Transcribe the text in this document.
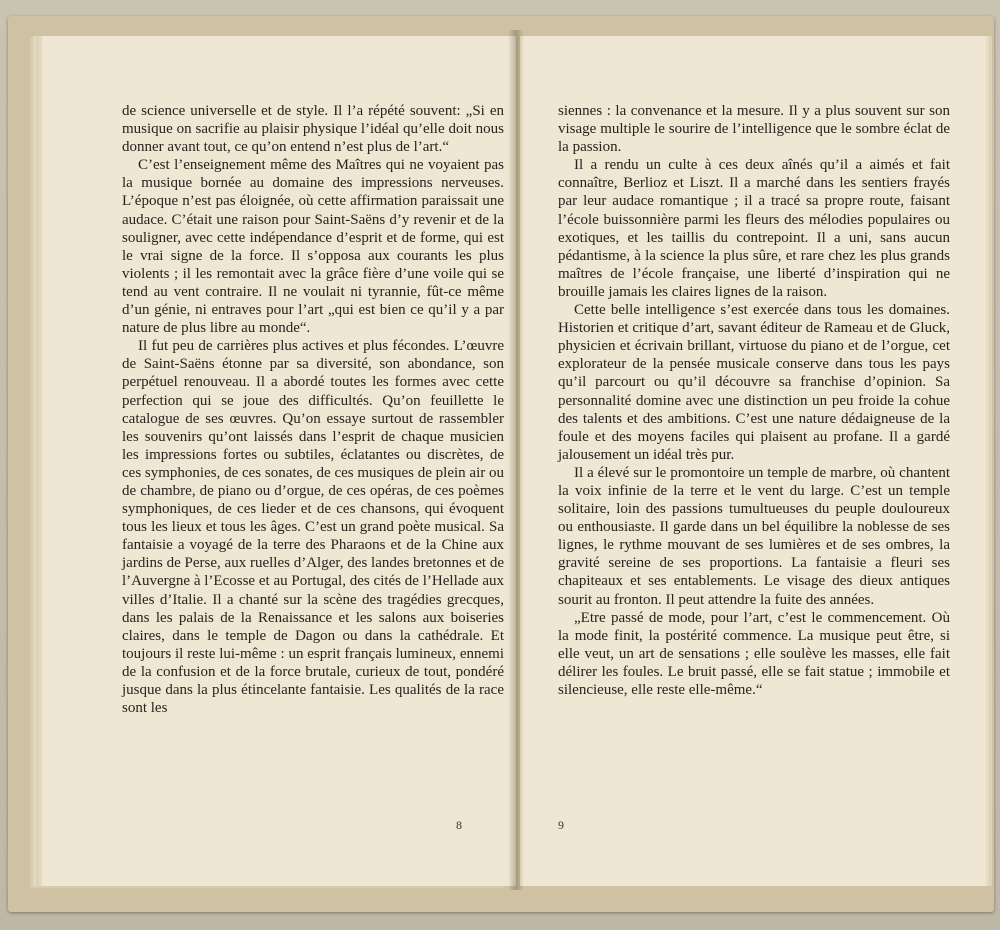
de science universelle et de style. Il l’a répété souvent: „Si en musique on sacrifie au plaisir physique l’idéal qu’elle doit nous donner avant tout, ce qu’on entend n’est plus de l’art.“

C’est l’enseignement même des Maîtres qui ne voyaient pas la musique bornée au domaine des impressions nerveuses. L’époque n’est pas éloignée, où cette affirmation paraissait une audace. C’était une raison pour Saint-Saëns d’y revenir et de la souligner, avec cette indépendance d’esprit et de forme, qui est le vrai signe de la force. Il s’opposa aux courants les plus violents ; il les remontait avec la grâce fière d’une voile qui se tend au vent contraire. Il ne voulait ni tyrannie, fût-ce même d’un génie, ni entraves pour l’art „qui est bien ce qu’il y a par nature de plus libre au monde“.

Il fut peu de carrières plus actives et plus fécondes. L’œuvre de Saint-Saëns étonne par sa diversité, son abondance, son perpétuel renouveau. Il a abordé toutes les formes avec cette perfection qui se joue des difficultés. Qu’on feuillette le catalogue de ses œuvres. Qu’on essaye surtout de rassembler les souvenirs qu’ont laissés dans l’esprit de chaque musicien les impressions fortes ou subtiles, éclatantes ou discrètes, de ces symphonies, de ces sonates, de ces musiques de plein air ou de chambre, de piano ou d’orgue, de ces opéras, de ces poèmes symphoniques, de ces lieder et de ces chansons, qui évoquent tous les lieux et tous les âges. C’est un grand poète musical. Sa fantaisie a voyagé de la terre des Pharaons et de la Chine aux jardins de Perse, aux ruelles d’Alger, des landes bretonnes et de l’Auvergne à l’Ecosse et au Portugal, des cités de l’Hellade aux villes d’Italie. Il a chanté sur la scène des tragédies grecques, dans les palais de la Renaissance et les salons aux boiseries claires, dans le temple de Dagon ou dans la cathédrale. Et toujours il reste lui-même : un esprit français lumineux, ennemi de la confusion et de la force brutale, curieux de tout, pondéré jusque dans la plus étincelante fantaisie. Les qualités de la race sont les

8

siennes : la convenance et la mesure. Il y a plus souvent sur son visage multiple le sourire de l’intelligence que le sombre éclat de la passion.

Il a rendu un culte à ces deux aînés qu’il a aimés et fait connaître, Berlioz et Liszt. Il a marché dans les sentiers frayés par leur audace romantique ; il a tracé sa propre route, faisant l’école buissonnière parmi les fleurs des mélodies populaires ou exotiques, et les taillis du contrepoint. Il a uni, sans aucun pédantisme, à la science la plus sûre, et rare chez les plus grands maîtres de l’école française, une liberté d’inspiration qui ne brouille jamais les claires lignes de la raison.

Cette belle intelligence s’est exercée dans tous les domaines. Historien et critique d’art, savant éditeur de Rameau et de Gluck, physicien et écrivain brillant, virtuose du piano et de l’orgue, cet explorateur de la pensée musicale conserve dans tous les pays qu’il parcourt ou qu’il découvre sa franchise d’opinion. Sa personnalité domine avec une distinction un peu froide la cohue des talents et des ambitions. C’est une nature dédaigneuse de la foule et des moyens faciles qui plaisent au profane. Il a gardé jalousement un idéal très pur.

Il a élevé sur le promontoire un temple de marbre, où chantent la voix infinie de la terre et le vent du large. C’est un temple solitaire, loin des passions tumultueuses du peuple douloureux ou enthousiaste. Il garde dans un bel équilibre la noblesse de ses lignes, le rythme mouvant de ses lumières et de ses ombres, la gravité sereine de ses proportions. La fantaisie a fleuri ses chapiteaux et ses entablements. Le visage des dieux antiques sourit au fronton. Il peut attendre la fuite des années.

„Etre passé de mode, pour l’art, c’est le commencement. Où la mode finit, la postérité commence. La musique peut être, si elle veut, un art de sensations ; elle soulève les masses, elle fait délirer les foules. Le bruit passé, elle se fait statue ; immobile et silencieuse, elle reste elle-même.“

9
